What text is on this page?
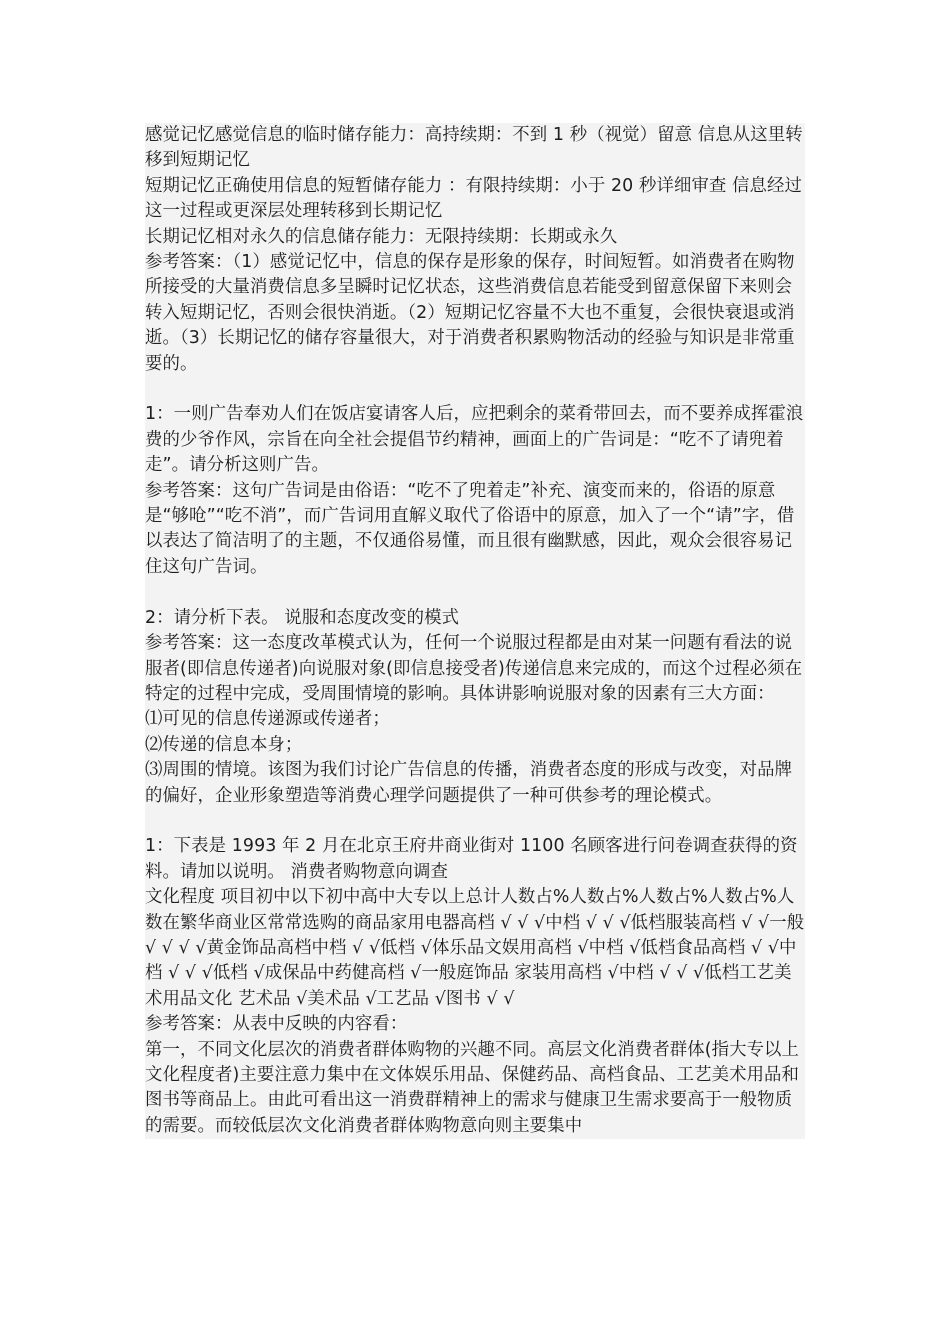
感觉记忆感觉信息的临时储存能力：高持续期：不到 1 秒（视觉）留意 信息从这里转移到短期记忆

短期记忆正确使用信息的短暂储存能力 ：有限持续期：小于 20 秒详细审查 信息经过这一过程或更深层处理转移到长期记忆

长期记忆相对永久的信息储存能力：无限持续期：长期或永久

参考答案：（1）感觉记忆中，信息的保存是形象的保存，时间短暂。如消费者在购物所接受的大量消费信息多呈瞬时记忆状态，这些消费信息若能受到留意保留下来则会转入短期记忆，否则会很快消逝。（2）短期记忆容量不大也不重复，会很快衰退或消逝。（3）长期记忆的储存容量很大，对于消费者积累购物活动的经验与知识是非常重要的。

1：一则广告奉劝人们在饭店宴请客人后，应把剩余的菜肴带回去，而不要养成挥霍浪费的少爷作风，宗旨在向全社会提倡节约精神，画面上的广告词是：“吃不了请兜着走”。请分析这则广告。

参考答案：这句广告词是由俗语：“吃不了兜着走”补充、演变而来的，俗语的原意是“够呛”“吃不消”，而广告词用直解义取代了俗语中的原意，加入了一个“请”字，借以表达了简洁明了的主题，不仅通俗易懂，而且很有幽默感，因此，观众会很容易记住这句广告词。

2：请分析下表。 说服和态度改变的模式

参考答案：这一态度改革模式认为，任何一个说服过程都是由对某一问题有看法的说服者(即信息传递者)向说服对象(即信息接受者)传递信息来完成的，而这个过程必须在特定的过程中完成，受周围情境的影响。具体讲影响说服对象的因素有三大方面：

⑴可见的信息传递源或传递者；

⑵传递的信息本身；

⑶周围的情境。该图为我们讨论广告信息的传播，消费者态度的形成与改变，对品牌的偏好，企业形象塑造等消费心理学问题提供了一种可供参考的理论模式。

1：下表是 1993 年 2 月在北京王府井商业街对 1100 名顾客进行问卷调查获得的资料。请加以说明。 消费者购物意向调查

文化程度 项目初中以下初中高中大专以上总计人数占%人数占%人数占%人数占%人数在繁华商业区常常选购的商品家用电器高档 √ √ √中档 √ √ √低档服装高档 √ √一般 √ √ √ √黄金饰品高档中档 √ √低档 √体乐品文娱用高档 √中档 √低档食品高档 √ √中档 √ √ √低档 √成保品中药健高档 √一般庭饰品 家装用高档 √中档 √ √ √低档工艺美术用品文化 艺术品 √美术品 √工艺品 √图书 √ √

参考答案：从表中反映的内容看：

第一，不同文化层次的消费者群体购物的兴趣不同。高层文化消费者群体(指大专以上文化程度者)主要注意力集中在文体娱乐用品、保健药品、高档食品、工艺美术用品和图书等商品上。由此可看出这一消费群精神上的需求与健康卫生需求要高于一般物质的需要。而较低层次文化消费者群体购物意向则主要集中
